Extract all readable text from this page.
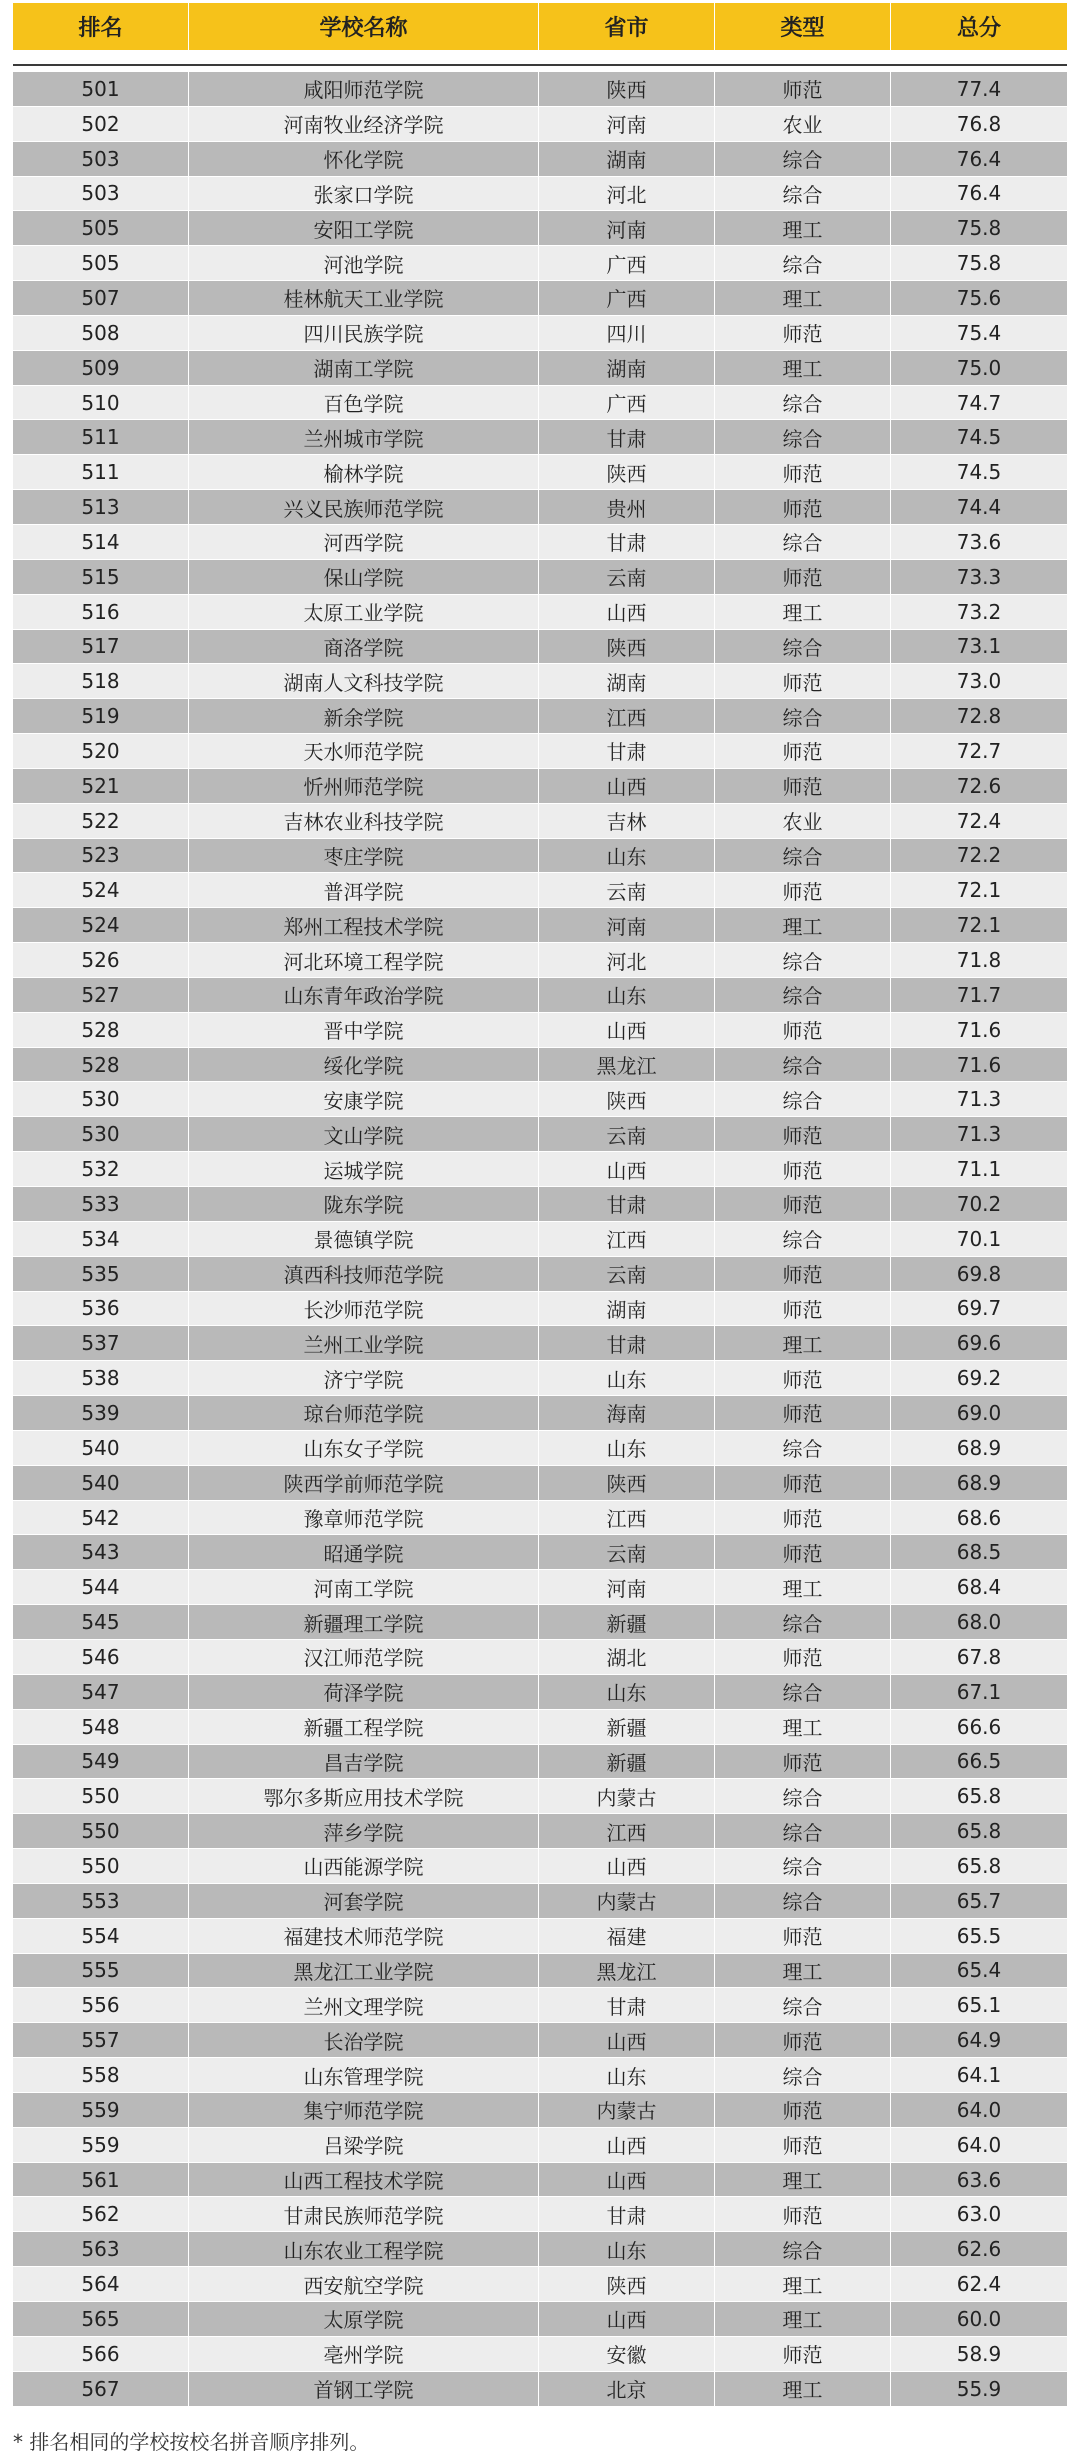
排名	学校名称	省市	类型	总分
501	咸阳师范学院	陕西	师范	77.4
502	河南牧业经济学院	河南	农业	76.8
503	怀化学院	湖南	综合	76.4
503	张家口学院	河北	综合	76.4
505	安阳工学院	河南	理工	75.8
505	河池学院	广西	综合	75.8
507	桂林航天工业学院	广西	理工	75.6
508	四川民族学院	四川	师范	75.4
509	湖南工学院	湖南	理工	75.0
510	百色学院	广西	综合	74.7
511	兰州城市学院	甘肃	综合	74.5
511	榆林学院	陕西	师范	74.5
513	兴义民族师范学院	贵州	师范	74.4
514	河西学院	甘肃	综合	73.6
515	保山学院	云南	师范	73.3
516	太原工业学院	山西	理工	73.2
517	商洛学院	陕西	综合	73.1
518	湖南人文科技学院	湖南	师范	73.0
519	新余学院	江西	综合	72.8
520	天水师范学院	甘肃	师范	72.7
521	忻州师范学院	山西	师范	72.6
522	吉林农业科技学院	吉林	农业	72.4
523	枣庄学院	山东	综合	72.2
524	普洱学院	云南	师范	72.1
524	郑州工程技术学院	河南	理工	72.1
526	河北环境工程学院	河北	综合	71.8
527	山东青年政治学院	山东	综合	71.7
528	晋中学院	山西	师范	71.6
528	绥化学院	黑龙江	综合	71.6
530	安康学院	陕西	综合	71.3
530	文山学院	云南	师范	71.3
532	运城学院	山西	师范	71.1
533	陇东学院	甘肃	师范	70.2
534	景德镇学院	江西	综合	70.1
535	滇西科技师范学院	云南	师范	69.8
536	长沙师范学院	湖南	师范	69.7
537	兰州工业学院	甘肃	理工	69.6
538	济宁学院	山东	师范	69.2
539	琼台师范学院	海南	师范	69.0
540	山东女子学院	山东	综合	68.9
540	陕西学前师范学院	陕西	师范	68.9
542	豫章师范学院	江西	师范	68.6
543	昭通学院	云南	师范	68.5
544	河南工学院	河南	理工	68.4
545	新疆理工学院	新疆	综合	68.0
546	汉江师范学院	湖北	师范	67.8
547	荷泽学院	山东	综合	67.1
548	新疆工程学院	新疆	理工	66.6
549	昌吉学院	新疆	师范	66.5
550	鄂尔多斯应用技术学院	内蒙古	综合	65.8
550	萍乡学院	江西	综合	65.8
550	山西能源学院	山西	综合	65.8
553	河套学院	内蒙古	综合	65.7
554	福建技术师范学院	福建	师范	65.5
555	黑龙江工业学院	黑龙江	理工	65.4
556	兰州文理学院	甘肃	综合	65.1
557	长治学院	山西	师范	64.9
558	山东管理学院	山东	综合	64.1
559	集宁师范学院	内蒙古	师范	64.0
559	吕梁学院	山西	师范	64.0
561	山西工程技术学院	山西	理工	63.6
562	甘肃民族师范学院	甘肃	师范	63.0
563	山东农业工程学院	山东	综合	62.6
564	西安航空学院	陕西	理工	62.4
565	太原学院	山西	理工	60.0
566	亳州学院	安徽	师范	58.9
567	首钢工学院	北京	理工	55.9
* 排名相同的学校按校名拼音顺序排列。
